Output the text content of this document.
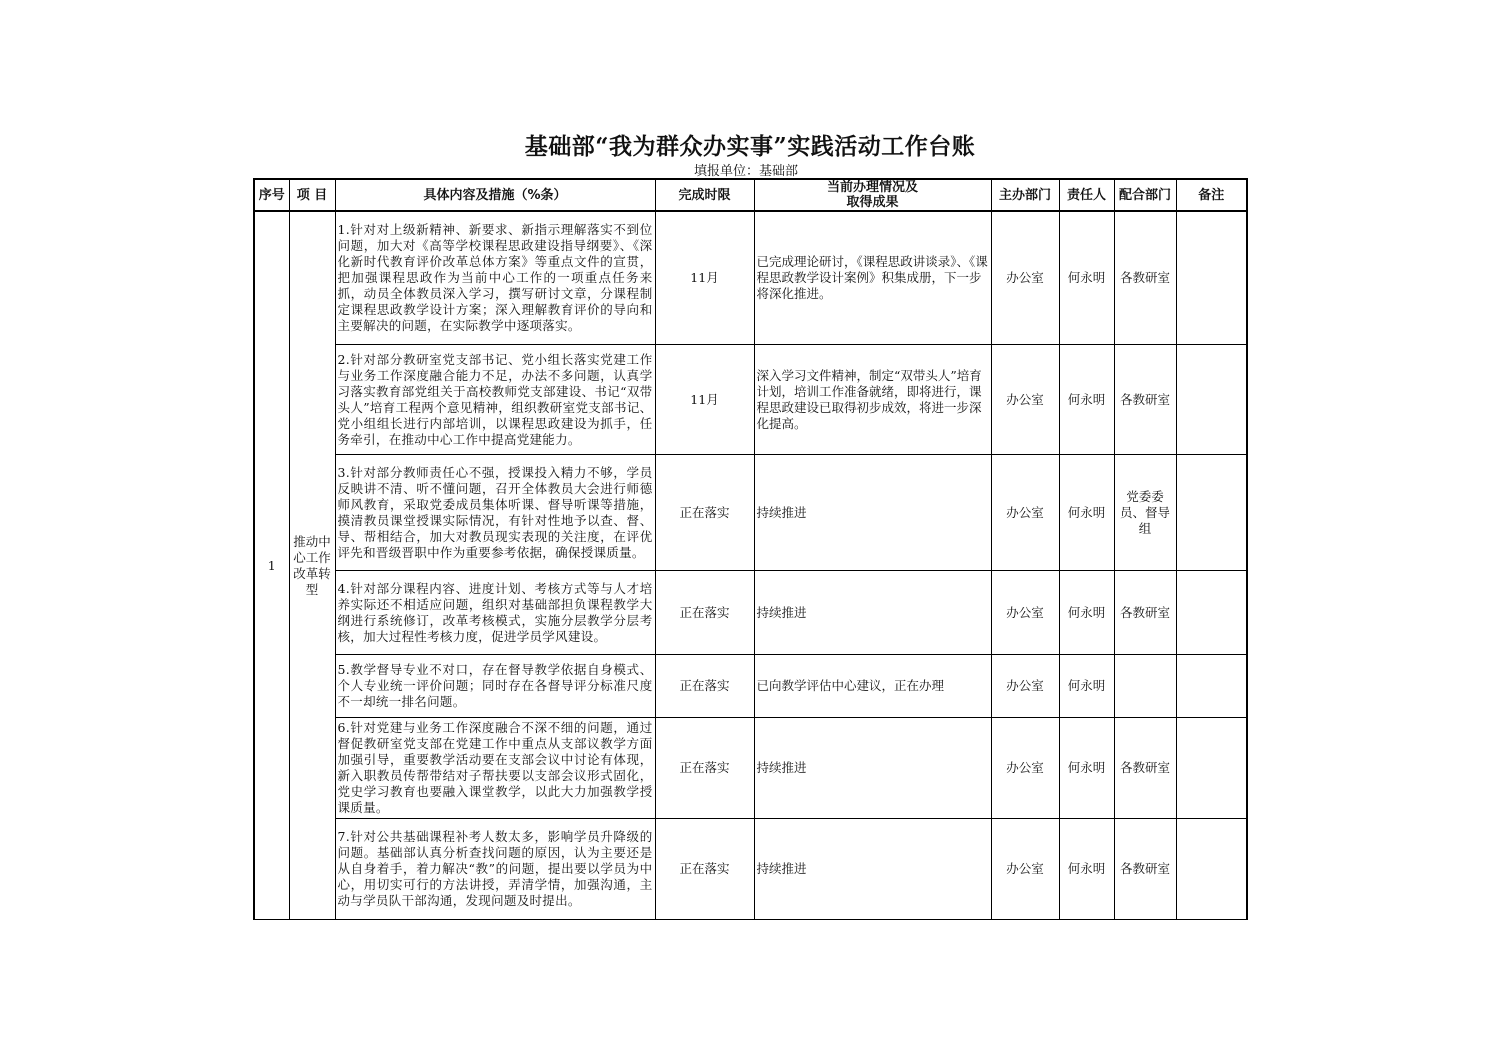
基础部“我为群众办实事”实践活动工作台账
填报单位：基础部
序号	项 目	具体内容及措施（%条）	完成时限	当前办理情况及
取得成果	主办部门	责任人	配合部门	备注
1	推动中心工作改革转型	1.针对对上级新精神、新要求、新指示理解落实不到位问题，加大对《高等学校课程思政建设指导纲要》、《深化新时代教育评价改革总体方案》等重点文件的宣贯，把加强课程思政作为当前中心工作的一项重点任务来抓，动员全体教员深入学习，撰写研讨文章，分课程制定课程思政教学设计方案；深入理解教育评价的导向和主要解决的问题，在实际教学中逐项落实。	11月	已完成理论研讨，《课程思政讲谈录》、《课程思政教学设计案例》积集成册，下一步将深化推进。	办公室	何永明	各教研室	

		2.针对部分教研室党支部书记、党小组长落实党建工作与业务工作深度融合能力不足，办法不多问题，认真学习落实教育部党组关于高校教师党支部建设、书记“双带头人”培育工程两个意见精神，组织教研室党支部书记、党小组组长进行内部培训，以课程思政建设为抓手，任务牵引，在推动中心工作中提高党建能力。	11月	深入学习文件精神，制定“双带头人”培育计划，培训工作准备就绪，即将进行，课程思政建设已取得初步成效，将进一步深化提高。	办公室	何永明	各教研室	

		3.针对部分教师责任心不强，授课投入精力不够，学员反映讲不清、听不懂问题，召开全体教员大会进行师德师风教育，采取党委成员集体听课、督导听课等措施，摸清教员课堂授课实际情况，有针对性地予以查、督、导、帮相结合，加大对教员现实表现的关注度，在评优评先和晋级晋职中作为重要参考依据，确保授课质量。	正在落实	持续推进	办公室	何永明	党委委员、督导组	

		4.针对部分课程内容、进度计划、考核方式等与人才培养实际还不相适应问题，组织对基础部担负课程教学大纲进行系统修订，改革考核模式，实施分层教学分层考核，加大过程性考核力度，促进学员学风建设。	正在落实	持续推进	办公室	何永明	各教研室	

		5.教学督导专业不对口，存在督导教学依据自身模式、个人专业统一评价问题；同时存在各督导评分标准尺度不一却统一排名问题。	正在落实	已向教学评估中心建议，正在办理	办公室	何永明		

		6.针对党建与业务工作深度融合不深不细的问题，通过督促教研室党支部在党建工作中重点从支部议教学方面加强引导，重要教学活动要在支部会议中讨论有体现，新入职教员传帮带结对子帮扶要以支部会议形式固化，党史学习教育也要融入课堂教学，以此大力加强教学授课质量。	正在落实	持续推进	办公室	何永明	各教研室	

		7.针对公共基础课程补考人数太多，影响学员升降级的问题。基础部认真分析查找问题的原因，认为主要还是从自身着手，着力解决“教”的问题，提出要以学员为中心，用切实可行的方法讲授，弄清学情，加强沟通，主动与学员队干部沟通，发现问题及时提出。	正在落实	持续推进	办公室	何永明	各教研室	
